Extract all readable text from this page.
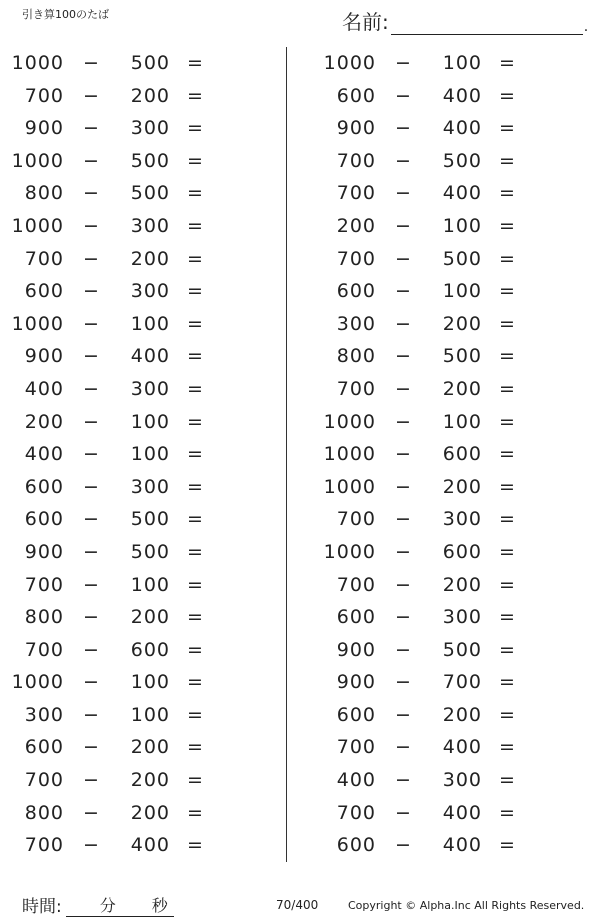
引き算100のたば	名前:	.
1000 −	500 =
700 −	200 =
900 −	300 =
1000 −	500 =
800 −	500 =
1000 −	300 =
700 −	200 =
600 −	300 =
1000 −	100 =
900 −	400 =
400 −	300 =
200 −	100 =
400 −	100 =
600 −	300 =
600 −	500 =
900 −	500 =
700 −	100 =
800 −	200 =
700 −	600 =
1000 −	100 =
300 −	100 =
600 −	200 =
700 −	200 =
800 −	200 =
700 −	400 =
1000 −	100 =
600 −	400 =
900 −	400 =
700 −	500 =
700 −	400 =
200 −	100 =
700 −	500 =
600 −	100 =
300 −	200 =
800 −	500 =
700 −	200 =
1000 −	100 =
1000 −	600 =
1000 −	200 =
700 −	300 =
1000 −	600 =
700 −	200 =
600 −	300 =
900 −	500 =
900 −	700 =
600 −	200 =
700 −	400 =
400 −	300 =
700 −	400 =
600 −	400 =
時間: 分 秒	70/400	Copyright © Alpha.Inc All Rights Reserved.
